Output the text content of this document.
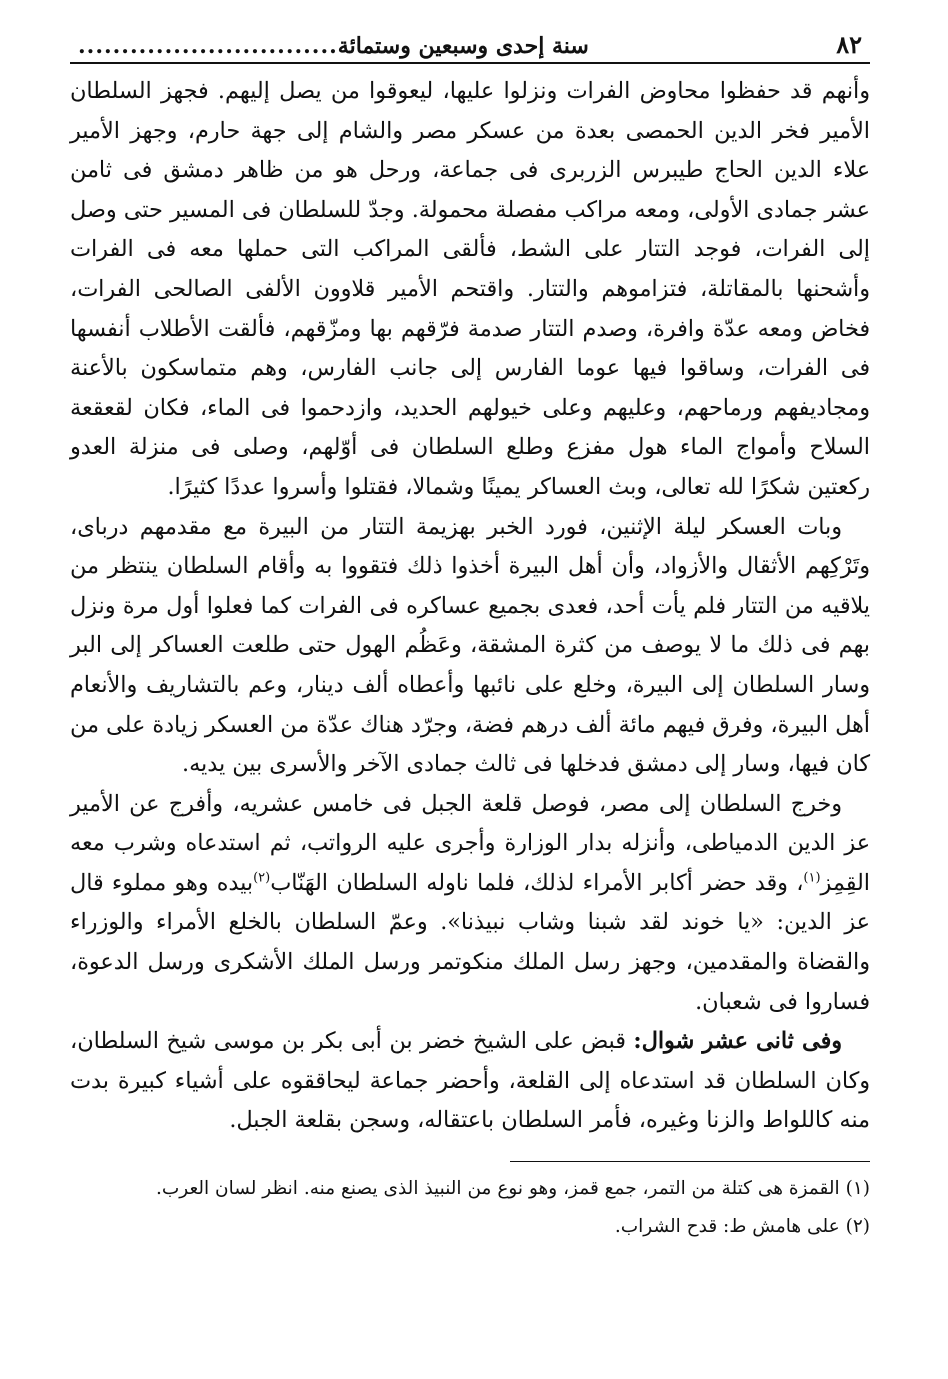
٨٢
سنة إحدى وسبعين وستمائة
..............................

وأنهم قد حفظوا محاوض الفرات ونزلوا عليها، ليعوقوا من يصل إليهم. فجهز السلطان الأمير فخر الدين الحمصى بعدة من عسكر مصر والشام إلى جهة حارم، وجهز الأمير علاء الدين الحاج طيبرس الزربرى فى جماعة، ورحل هو من ظاهر دمشق فى ثامن عشر جمادى الأولى، ومعه مراكب مفصلة محمولة. وجدّ للسلطان فى المسير حتى وصل إلى الفرات، فوجد التتار على الشط، فألقى المراكب التى حملها معه فى الفرات وأشحنها بالمقاتلة، فتزاموهم والتتار. واقتحم الأمير قلاوون الألفى الصالحى الفرات، فخاض ومعه عدّة وافرة، وصدم التتار صدمة فرّقهم بها ومزّقهم، فألقت الأطلاب أنفسها فى الفرات، وساقوا فيها عوما الفارس إلى جانب الفارس، وهم متماسكون بالأعنة ومجاديفهم ورماحهم، وعليهم وعلى خيولهم الحديد، وازدحموا فى الماء، فكان لقعقعة السلاح وأمواج الماء هول مفزع وطلع السلطان فى أوّلهم، وصلى فى منزلة العدو ركعتين شكرًا لله تعالى، وبث العساكر يمينًا وشمالا، فقتلوا وأسروا عددًا كثيرًا.

وبات العسكر ليلة الإثنين، فورد الخبر بهزيمة التتار من البيرة مع مقدمهم دربای، وتَرْكِهم الأثقال والأزواد، وأن أهل البيرة أخذوا ذلك فتقووا به وأقام السلطان ينتظر من يلاقيه من التتار فلم يأت أحد، فعدى بجميع عساكره فى الفرات كما فعلوا أول مرة ونزل بهم فى ذلك ما لا يوصف من كثرة المشقة، وعَظُم الهول حتى طلعت العساكر إلى البر وسار السلطان إلى البيرة، وخلع على نائبها وأعطاه ألف دينار، وعم بالتشاريف والأنعام أهل البيرة، وفرق فيهم مائة ألف درهم فضة، وجرّد هناك عدّة من العسكر زيادة على من كان فيها، وسار إلى دمشق فدخلها فى ثالث جمادى الآخر والأسرى بين يديه.

وخرج السلطان إلى مصر، فوصل قلعة الجبل فى خامس عشريه، وأفرج عن الأمير عز الدين الدمياطى، وأنزله بدار الوزارة وأجرى عليه الرواتب، ثم استدعاه وشرب معه القِمِز$^{(١)}$، وقد حضر أكابر الأمراء لذلك، فلما ناوله السلطان الهَنّاب$^{(٢)}$بيده وهو مملوء قال عز الدين: «يا خوند لقد شبنا وشاب نبيذنا». وعمّ السلطان بالخلع الأمراء والوزراء والقضاة والمقدمين، وجهز رسل الملك منكوتمر ورسل الملك الأشكرى ورسل الدعوة، فساروا فى شعبان.

وفى ثانى عشر شوال: قبض على الشيخ خضر بن أبى بكر بن موسى شيخ السلطان، وكان السلطان قد استدعاه إلى القلعة، وأحضر جماعة ليحاققوه على أشياء كبيرة بدت منه كاللواط والزنا وغيره، فأمر السلطان باعتقاله، وسجن بقلعة الجبل.

(١)القمزة هى كتلة من التمر، جمع قمز، وهو نوع من النبيذ الذى يصنع منه. انظر لسان العرب.

(٢)على هامش ط: قدح الشراب.
